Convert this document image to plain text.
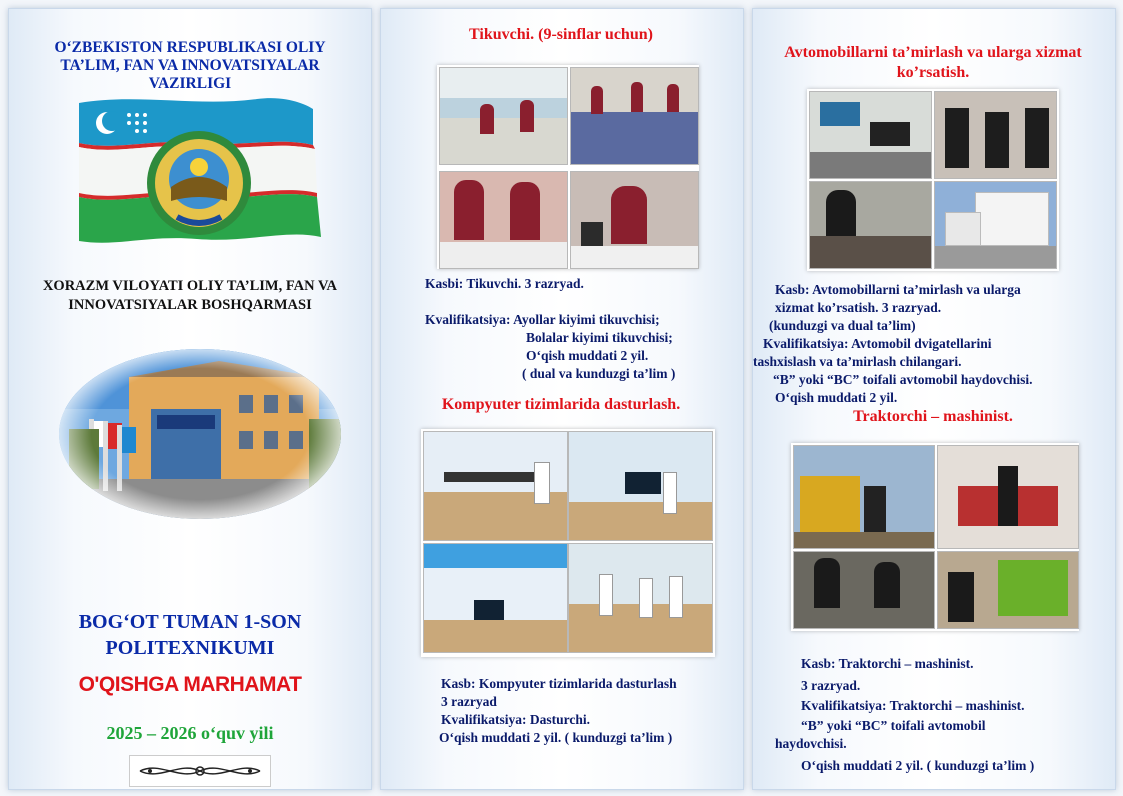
O‘ZBEKISTON RESPUBLIKASI OLIY TA’LIM, FAN VA INNOVATSIYALAR VAZIRLIGI
XORAZM VILOYATI OLIY TA’LIM, FAN VA INNOVATSIYALAR BOSHQARMASI
BOG‘OT TUMAN 1-SON POLITEXNIKUMI
O'QISHGA MARHAMAT
2025 – 2026 o‘quv yili
Tikuvchi. (9-sinflar uchun)
Kasbi: Tikuvchi. 3 razryad.
Kvalifikatsiya: Ayollar kiyimi tikuvchisi;
Bolalar kiyimi tikuvchisi;
O‘qish muddati 2 yil.
( dual va kunduzgi ta’lim )
Kompyuter tizimlarida dasturlash.
Kasb: Kompyuter tizimlarida dasturlash
3 razryad
Kvalifikatsiya: Dasturchi.
O‘qish muddati 2 yil. ( kunduzgi ta’lim )
Avtomobillarni ta’mirlash va ularga xizmat ko’rsatish.
Kasb: Avtomobillarni ta’mirlash va ularga
xizmat ko’rsatish. 3 razryad.
(kunduzgi va dual ta’lim)
Kvalifikatsiya: Avtomobil dvigatellarini
tashxislash va ta’mirlash chilangari.
“B” yoki “BC” toifali avtomobil haydovchisi.
O‘qish muddati 2 yil.
Traktorchi – mashinist.
Kasb: Traktorchi – mashinist.
3 razryad.
Kvalifikatsiya: Traktorchi – mashinist.
“B” yoki “BC” toifali avtomobil
haydovchisi.
O‘qish muddati 2 yil. ( kunduzgi ta’lim )
